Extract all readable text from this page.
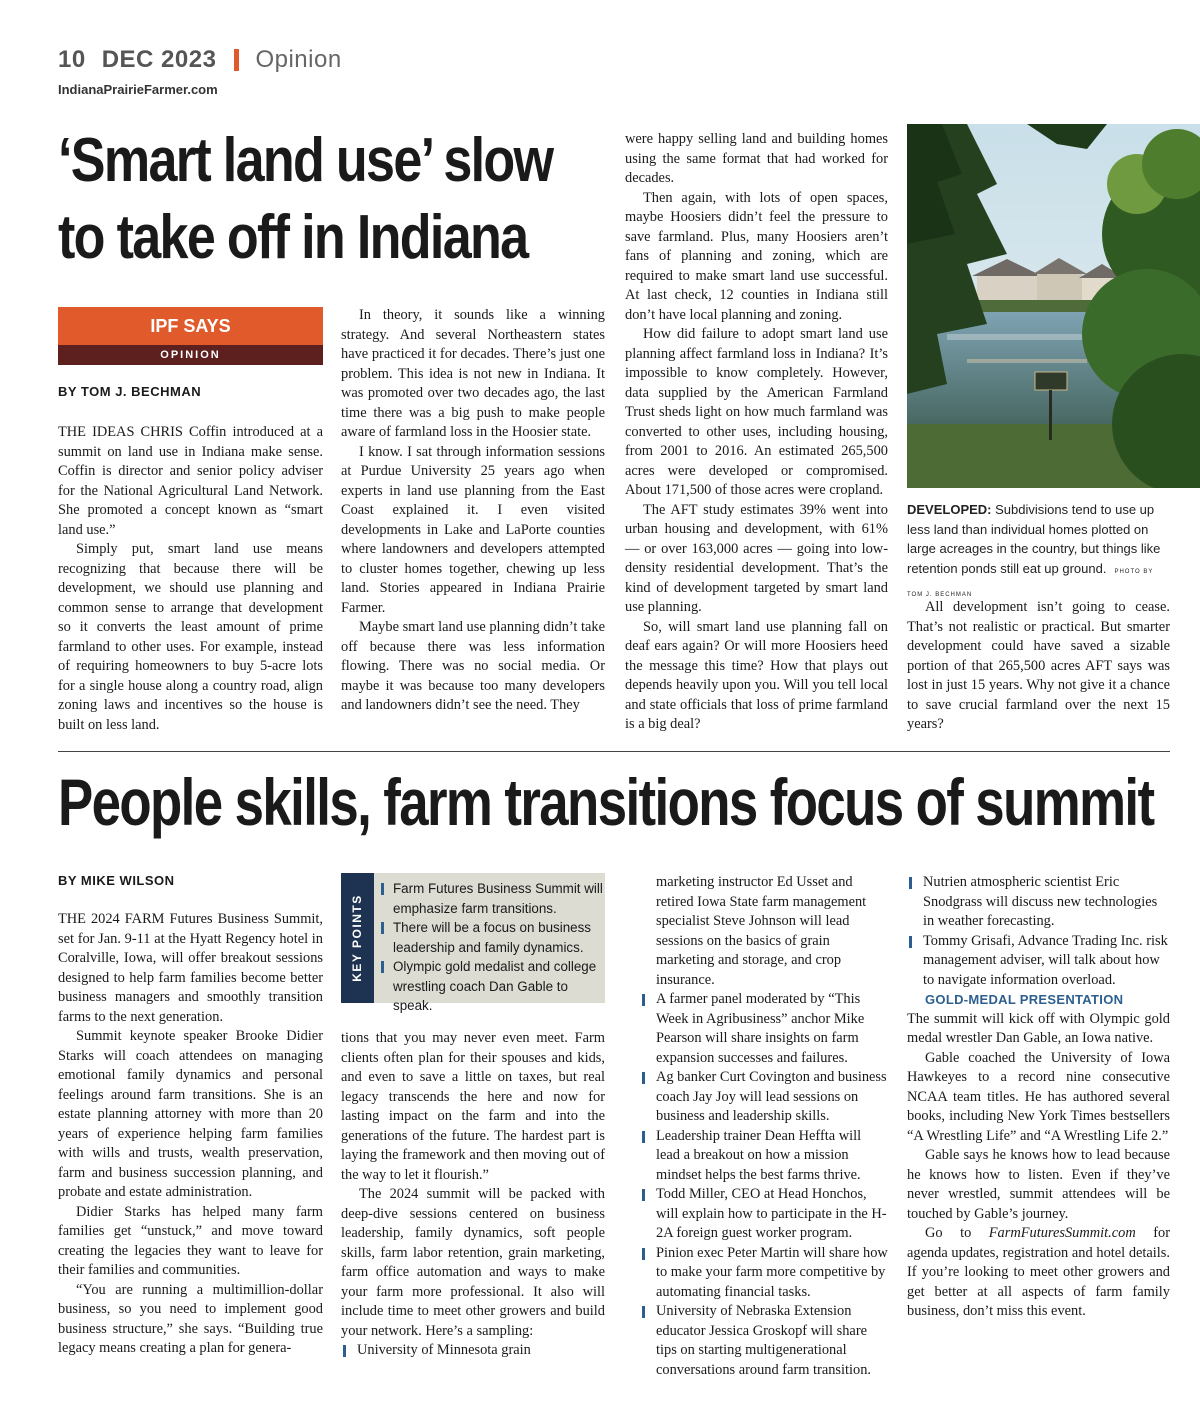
10 DEC 2023 Opinion
IndianaPrairieFarmer.com
‘Smart land use’ slow
to take off in Indiana
IPF SAYS
OPINION
BY TOM J. BECHMAN

THE IDEAS CHRIS Coffin introduced at a summit on land use in Indiana make sense. Coffin is director and senior policy adviser for the National Agricultural Land Network. She promoted a concept known as “smart land use.”

Simply put, smart land use means recognizing that because there will be development, we should use planning and common sense to arrange that development so it converts the least amount of prime farmland to other uses. For example, instead of requiring homeowners to buy 5-acre lots for a single house along a country road, align zoning laws and incentives so the house is built on less land.

In theory, it sounds like a winning strategy. And several Northeastern states have practiced it for decades. There’s just one problem. This idea is not new in Indiana. It was promoted over two decades ago, the last time there was a big push to make people aware of farmland loss in the Hoosier state.

I know. I sat through information sessions at Purdue University 25 years ago when experts in land use planning from the East Coast explained it. I even visited developments in Lake and LaPorte counties where landowners and developers attempted to cluster homes together, chewing up less land. Stories appeared in Indiana Prairie Farmer.

Maybe smart land use planning didn’t take off because there was less information flowing. There was no social media. Or maybe it was because too many developers and landowners didn’t see the need. They

were happy selling land and building homes using the same format that had worked for decades.

Then again, with lots of open spaces, maybe Hoosiers didn’t feel the pressure to save farmland. Plus, many Hoosiers aren’t fans of planning and zoning, which are required to make smart land use successful. At last check, 12 counties in Indiana still don’t have local planning and zoning.

How did failure to adopt smart land use planning affect farmland loss in Indiana? It’s impossible to know completely. However, data supplied by the American Farmland Trust sheds light on how much farmland was converted to other uses, including housing, from 2001 to 2016. An estimated 265,500 acres were developed or compromised. About 171,500 of those acres were cropland.

The AFT study estimates 39% went into urban housing and development, with 61% — or over 163,000 acres — going into low-density residential development. That’s the kind of development targeted by smart land use planning.

So, will smart land use planning fall on deaf ears again? Or will more Hoosiers heed the message this time? How that plays out depends heavily upon you. Will you tell local and state officials that loss of prime farmland is a big deal?

DEVELOPED: Subdivisions tend to use up less land than individual homes plotted on large acreages in the country, but things like retention ponds still eat up ground. PHOTO BY TOM J. BECHMAN

All development isn’t going to cease. That’s not realistic or practical. But smarter development could have saved a sizable portion of that 265,500 acres AFT says was lost in just 15 years. Why not give it a chance to save crucial farmland over the next 15 years?

People skills, farm transitions focus of summit
BY MIKE WILSON

THE 2024 FARM Futures Business Summit, set for Jan. 9-11 at the Hyatt Regency hotel in Coralville, Iowa, will offer breakout sessions designed to help farm families become better business managers and smoothly transition farms to the next generation.

Summit keynote speaker Brooke Didier Starks will coach attendees on managing emotional family dynamics and personal feelings around farm transitions. She is an estate planning attorney with more than 20 years of experience helping farm families with wills and trusts, wealth preservation, farm and business succession planning, and probate and estate administration.

Didier Starks has helped many farm families get “unstuck,” and move toward creating the legacies they want to leave for their families and communities.

“You are running a multimillion-dollar business, so you need to implement good business structure,” she says. “Building true legacy means creating a plan for genera-

KEY POINTS
Farm Futures Business Summit will emphasize farm transitions.
There will be a focus on business leadership and family dynamics.
Olympic gold medalist and college wrestling coach Dan Gable to speak.

tions that you may never even meet. Farm clients often plan for their spouses and kids, and even to save a little on taxes, but real legacy transcends the here and now for lasting impact on the farm and into the generations of the future. The hardest part is laying the framework and then moving out of the way to let it flourish.”

The 2024 summit will be packed with deep-dive sessions centered on business leadership, family dynamics, soft people skills, farm labor retention, grain marketing, farm office automation and ways to make your farm more professional. It also will include time to meet other growers and build your network. Here’s a sampling:

University of Minnesota grain

marketing instructor Ed Usset and retired Iowa State farm management specialist Steve Johnson will lead sessions on the basics of grain marketing and storage, and crop insurance.

A farmer panel moderated by “This Week in Agribusiness” anchor Mike Pearson will share insights on farm expansion successes and failures.
Ag banker Curt Covington and business coach Jay Joy will lead sessions on business and leadership skills.
Leadership trainer Dean Heffta will lead a breakout on how a mission mindset helps the best farms thrive.
Todd Miller, CEO at Head Honchos, will explain how to participate in the H-2A foreign guest worker program.
Pinion exec Peter Martin will share how to make your farm more competitive by automating financial tasks.
University of Nebraska Extension educator Jessica Groskopf will share tips on starting multigenerational conversations around farm transition.
Nutrien atmospheric scientist Eric Snodgrass will discuss new technologies in weather forecasting.
Tommy Grisafi, Advance Trading Inc. risk management adviser, will talk about how to navigate information overload.

GOLD-MEDAL PRESENTATION

The summit will kick off with Olympic gold medal wrestler Dan Gable, an Iowa native.

Gable coached the University of Iowa Hawkeyes to a record nine consecutive NCAA team titles. He has authored several books, including New York Times bestsellers “A Wrestling Life” and “A Wrestling Life 2.”

Gable says he knows how to lead because he knows how to listen. Even if they’ve never wrestled, summit attendees will be touched by Gable’s journey.

Go to FarmFuturesSummit.com for agenda updates, registration and hotel details. If you’re looking to meet other growers and get better at all aspects of farm family business, don’t miss this event.
